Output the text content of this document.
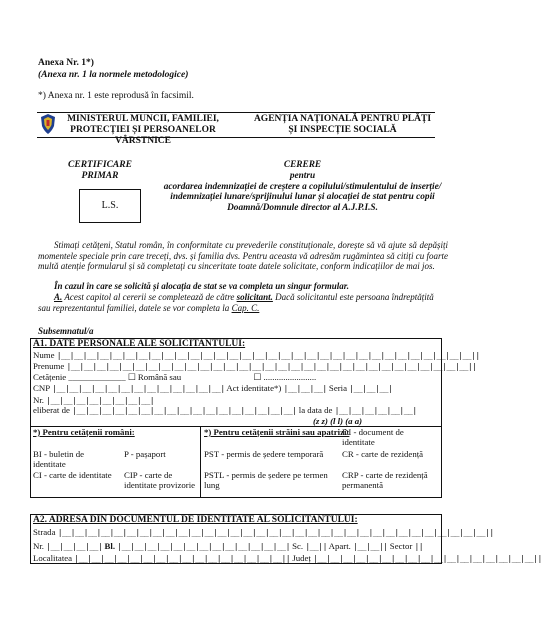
Anexa Nr. 1*)
(Anexa nr. 1 la normele metodologice)
*) Anexa nr. 1 este reprodusă în facsimil.
MINISTERUL MUNCII, FAMILIEI,
PROTECȚIEI ȘI PERSOANELOR VÂRSTNICE
AGENȚIA NAȚIONALĂ PENTRU PLĂȚI
ȘI INSPECȚIE SOCIALĂ
CERTIFICARE
PRIMAR
L.S.
CERERE
pentru
acordarea indemnizației de creștere a copilului/stimulentului de inserție/
indemnizației lunare/sprijinului lunar și alocației de stat pentru copii
Doamnă/Domnule director al A.J.P.I.S.
Stimați cetățeni, Statul român, în conformitate cu prevederile constituționale, dorește să vă ajute să depășiți momentele speciale prin care treceți, dvs. și familia dvs. Pentru aceasta vă adresăm rugămintea să citiți cu foarte multă atenție formularul și să completați cu sinceritate toate datele solicitate, conform indicațiilor de mai jos.
În cazul în care se solicită și alocația de stat se va completa un singur formular.
A. Acest capitol al cererii se completează de către solicitant. Dacă solicitantul este persoana îndreptățită sau reprezentantul familiei, datele se vor completa la Cap. C.
Subsemnatul/a
A1. DATE PERSONALE ALE SOLICITANTULUI:
Nume |__|__|__|__|__|__|__|__|__|__|__|__|__|__|__|__|__|__|__|__|__|__|__|__|__|__|__|__|__|__|__|__||
Prenume |__|__|__|__|__|__|__|__|__|__|__|__|__|__|__|__|__|__|__|__|__|__|__|__|__|__|__|__|__|__|__||
Cetățenie _____________ ☐ Română sau	☐ ........................
CNP |__|__|__|__|__|__|__|__|__|__|__|__|__| Act identitate*) |__|__|__| Seria |__|__|__|
Nr. |__|__|__|__|__|__|__|__|
eliberat de |__|__|__|__|__|__|__|__|__|__|__|__|__|__|__|__|__| la data de |__|__|__|__|__|__|
(z z) (l l) (a a)
*) Pentru cetățenii români:
BI - buletin de identitate
CI - carte de identitate
P - pașaport
CIP - carte de identitate provizorie
*) Pentru cetățenii străini sau apatrizi:
DI - document de identitate
PST - permis de ședere temporară	CR - carte de rezidență
PSTL - permis de ședere pe termen lung
CRP - carte de rezidență permanentă
A2. ADRESA DIN DOCUMENTUL DE IDENTITATE AL SOLICITANTULUI:
Strada |__|__|__|__|__|__|__|__|__|__|__|__|__|__|__|__|__|__|__|__|__|__|__|__|__|__|__|__|__|__|__|__|__||
Nr. |__|__|__|__| Bl. |__|__|__|__|__|__|__|__|__|__|__|__|__| Sc. |__|| Apart. |__|__|| Sector ||
Localitatea |__|__|__|__|__|__|__|__|__|__|__|__|__|__|__|__|| Județ |__|__|__|__|__|__|__|__|__|__|__|__|__|__|__|__|__||
